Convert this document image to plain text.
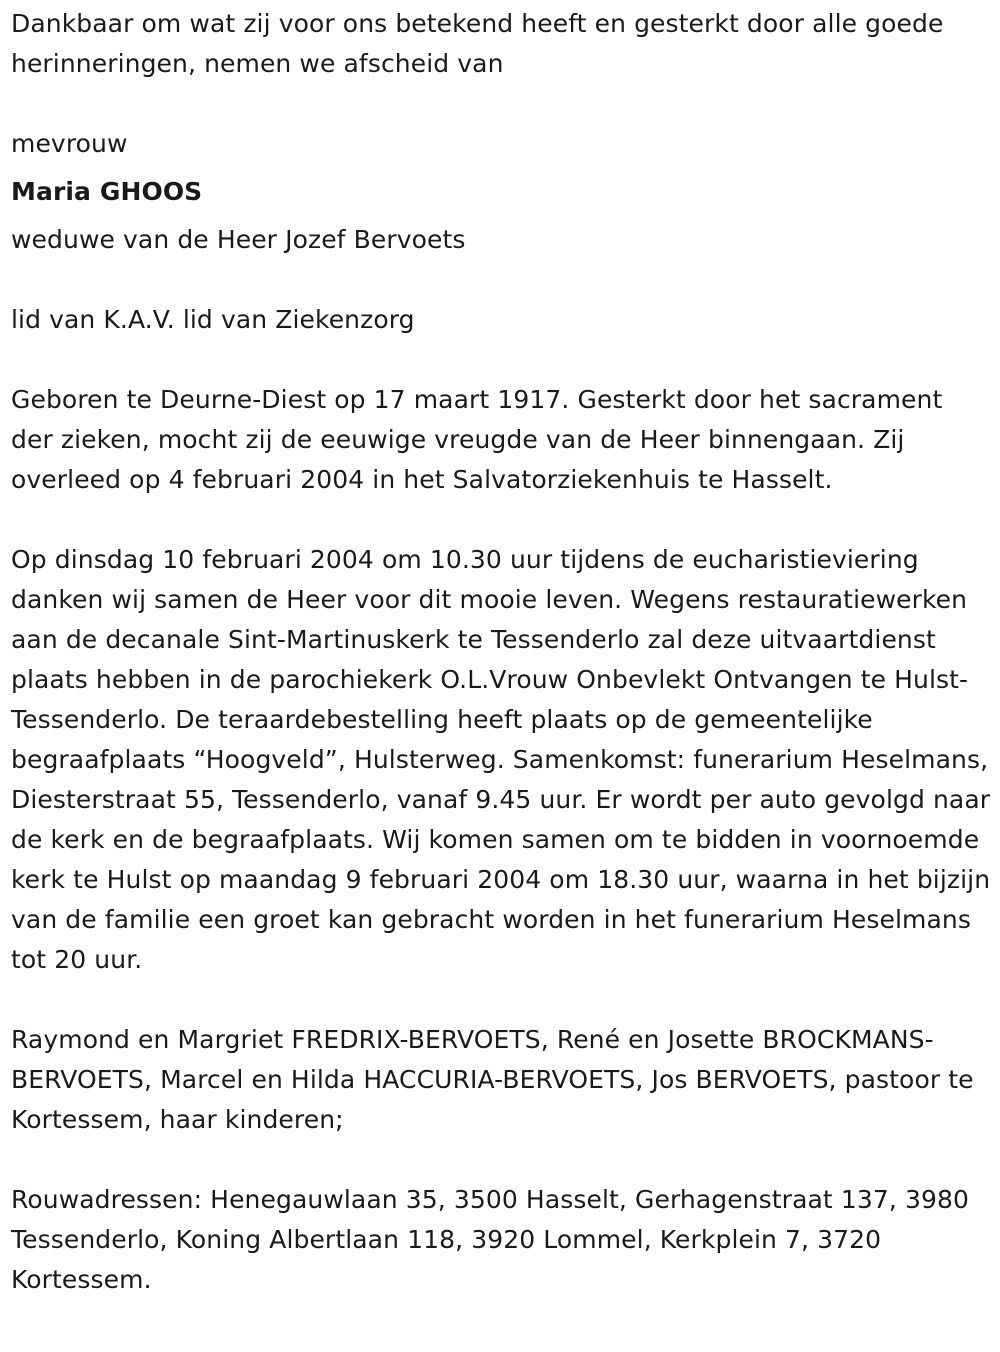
Dankbaar om wat zij voor ons betekend heeft en gesterkt door alle goede herinneringen, nemen we afscheid van

mevrouw

Maria GHOOS

weduwe van de Heer Jozef Bervoets

lid van K.A.V. lid van Ziekenzorg

Geboren te Deurne-Diest op 17 maart 1917. Gesterkt door het sacrament der zieken, mocht zij de eeuwige vreugde van de Heer binnengaan. Zij overleed op 4 februari 2004 in het Salvatorziekenhuis te Hasselt.

Op dinsdag 10 februari 2004 om 10.30 uur tijdens de eucharistieviering danken wij samen de Heer voor dit mooie leven. Wegens restauratiewerken aan de decanale Sint-Martinuskerk te Tessenderlo zal deze uitvaartdienst plaats hebben in de parochiekerk O.L.Vrouw Onbevlekt Ontvangen te Hulst-Tessenderlo. De teraardebestelling heeft plaats op de gemeentelijke begraafplaats “Hoogveld”, Hulsterweg. Samenkomst: funerarium Heselmans, Diesterstraat 55, Tessenderlo, vanaf 9.45 uur. Er wordt per auto gevolgd naar de kerk en de begraafplaats. Wij komen samen om te bidden in voornoemde kerk te Hulst op maandag 9 februari 2004 om 18.30 uur, waarna in het bijzijn van de familie een groet kan gebracht worden in het funerarium Heselmans tot 20 uur.

Raymond en Margriet FREDRIX-BERVOETS, René en Josette BROCKMANS-BERVOETS, Marcel en Hilda HACCURIA-BERVOETS, Jos BERVOETS, pastoor te Kortessem, haar kinderen;

Rouwadressen: Henegauwlaan 35, 3500 Hasselt, Gerhagenstraat 137, 3980 Tessenderlo, Koning Albertlaan 118, 3920 Lommel, Kerkplein 7, 3720 Kortessem.
